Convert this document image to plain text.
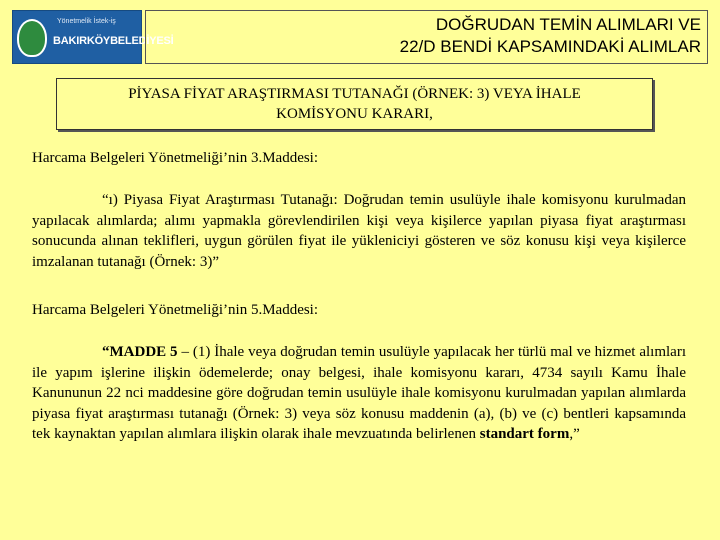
Yönetmelik İstek-iş
BAKIRKÖYBELEDİYESİ
DOĞRUDAN TEMİN ALIMLARI VE
22/D BENDİ KAPSAMINDAKİ ALIMLAR
PİYASA FİYAT ARAŞTIRMASI TUTANAĞI (ÖRNEK: 3) VEYA İHALE
KOMİSYONU KARARI,
Harcama Belgeleri Yönetmeliği’nin 3.Maddesi:
“ı) Piyasa Fiyat Araştırması Tutanağı: Doğrudan temin usulüyle ihale komisyonu kurulmadan yapılacak alımlarda; alımı yapmakla görevlendirilen kişi veya kişilerce yapılan piyasa fiyat araştırması sonucunda alınan teklifleri, uygun görülen fiyat ile yükleniciyi gösteren ve söz konusu kişi veya kişilerce imzalanan tutanağı (Örnek: 3)”
Harcama Belgeleri Yönetmeliği’nin 5.Maddesi:
“MADDE 5 – (1) İhale veya doğrudan temin usulüyle yapılacak her türlü mal ve hizmet alımları ile yapım işlerine ilişkin ödemelerde; onay belgesi, ihale komisyonu kararı, 4734 sayılı Kamu İhale Kanununun 22 nci maddesine göre doğrudan temin usulüyle ihale komisyonu kurulmadan yapılan alımlarda piyasa fiyat araştırması tutanağı (Örnek: 3) veya söz konusu maddenin (a), (b) ve (c) bentleri kapsamında tek kaynaktan yapılan alımlara ilişkin olarak ihale mevzuatında belirlenen standart form,”
